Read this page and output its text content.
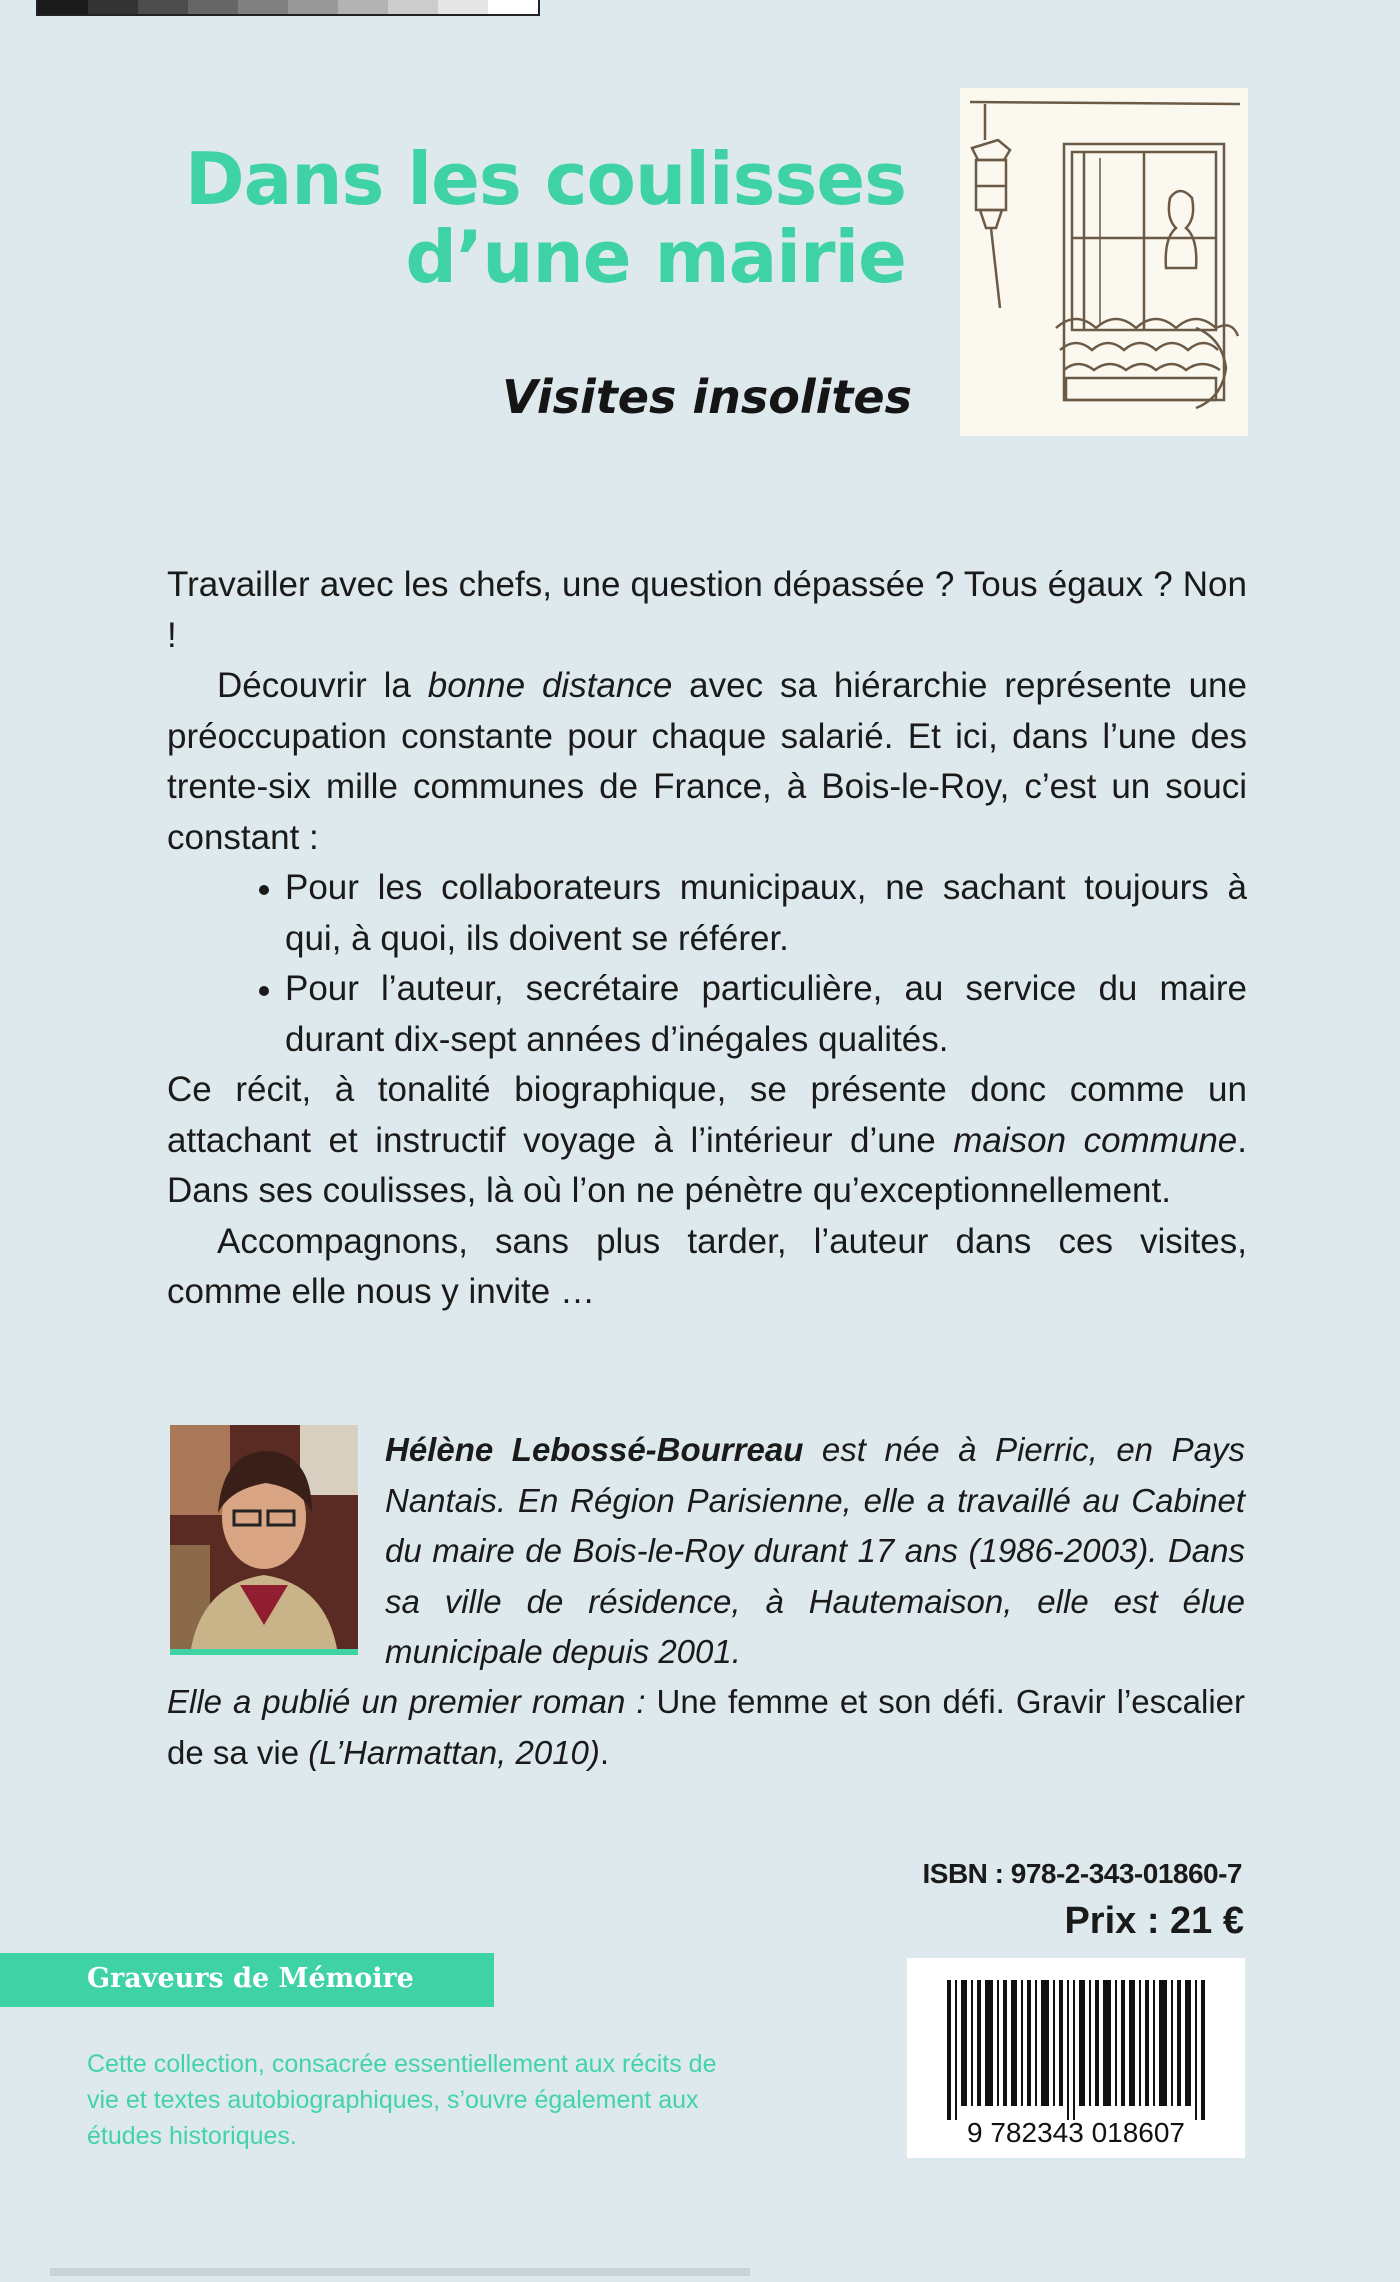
Dans les coulisses
d’une mairie
Visites insolites

Travailler avec les chefs, une question dépassée ? Tous égaux ? Non !

Découvrir la bonne distance avec sa hiérarchie représente une préoccupation constante pour chaque salarié. Et ici, dans l’une des trente-six mille communes de France, à Bois-le-Roy, c’est un souci constant :

• Pour les collaborateurs municipaux, ne sachant toujours à qui, à quoi, ils doivent se référer.
• Pour l’auteur, secrétaire particulière, au service du maire durant dix-sept années d’inégales qualités.

Ce récit, à tonalité biographique, se présente donc comme un attachant et instructif voyage à l’intérieur d’une maison commune. Dans ses coulisses, là où l’on ne pénètre qu’exceptionnellement.

Accompagnons, sans plus tarder, l’auteur dans ces visites, comme elle nous y invite …

Hélène Lebossé-Bourreau est née à Pierric, en Pays Nantais. En Région Parisienne, elle a travaillé au Cabinet du maire de Bois-le-Roy durant 17 ans (1986-2003). Dans sa ville de résidence, à Hautemaison, elle est élue municipale depuis 2001.
Elle a publié un premier roman : Une femme et son défi. Gravir l’escalier de sa vie (L’Harmattan, 2010).
ISBN : 978-2-343-01860-7
Prix : 21 €
9 782343 018607
Graveurs de Mémoire
Cette collection, consacrée essentiellement aux récits de vie et textes autobiographiques, s’ouvre également aux études historiques.
